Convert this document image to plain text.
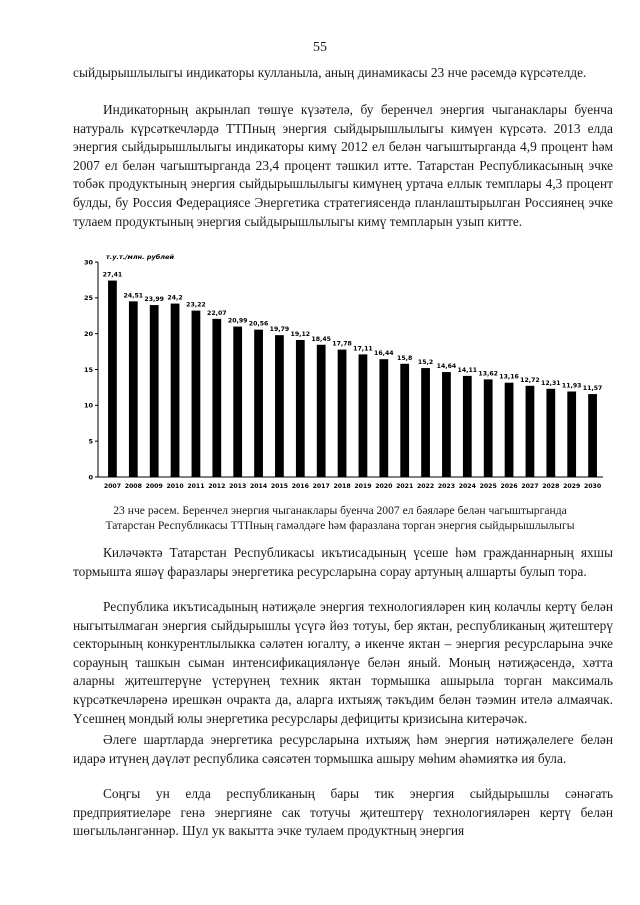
55

сыйдырышлылыгы индикаторы кулланыла, аның динамикасы 23 нче рәсемдә күрсәтелде.

Индикаторның акрынлап төшүе күзәтелә, бу беренчел энергия чыганаклары буенча натураль күрсәткечләрдә ТТПның энергия сыйдырышлылыгы кимүен күрсәтә. 2013 елда энергия сыйдырышлылыгы индикаторы кимү 2012 ел белән чагыштырганда 4,9 процент һәм 2007 ел белән чагыштырганда 23,4 процент тәшкил итте. Татарстан Республикасының эчке тобәк продуктының энергия сыйдырышлылыгы кимүнең уртача еллык темплары 4,3 процент булды, бу Россия Федерациясе Энергетика стратегиясендә планлаштырылган Россиянең эчке тулаем продуктының энергия сыйдырышлылыгы кимү темпларын узып китте.

0
5
10
15
20
25
30
т.у.т./млн. рублей
27,41
2007
24,51
2008
23,99
2009
24,2
2010
23,22
2011
22,07
2012
20,99
2013
20,56
2014
19,79
2015
19,12
2016
18,45
2017
17,78
2018
17,11
2019
16,44
2020
15,8
2021
15,2
2022
14,64
2023
14,11
2024
13,62
2025
13,16
2026
12,72
2027
12,31
2028
11,93
2029
11,57
2030
23 нче рәсем. Беренчел энергия чыганаклары буенча 2007 ел бәяләре белән чагыштырганда
Татарстан Республикасы ТТПның гамәлдәге һәм фаразлана торган энергия сыйдырышлылыгы

Киләчәктә Татарстан Республикасы икътисадының үсеше һәм гражданнарның яхшы тормышта яшәү фаразлары энергетика ресурсларына сорау артуның алшарты булып тора.

Республика икътисадының нәтиҗәле энергия технологияләрен киң колачлы кертү белән ныгытылмаган энергия сыйдырышлы үсүгә йөз тотуы, бер яктан, республиканың җитештерү секторының конкурентлылыкка сәләтен югалту, ә икенче яктан – энергия ресурсларына эчке сорауның ташкын сыман интенсификацияләнүе белән яный. Моның нәтиҗәсендә, хәтта аларны җитештерүне үстерүнең техник яктан тормышка ашырыла торган максималь күрсәткечләренә ирешкән очракта да, аларга ихтыяҗ тәкъдим белән тәэмин ителә алмаячак. Үсешнең мондый юлы энергетика ресурслары дефициты кризисына китерәчәк.

Әлеге шартларда энергетика ресурсларына ихтыяҗ һәм энергия нәтиҗәлелеге белән идарә итүнең дәүләт республика сәясәтен тормышка ашыру мөһим әһәмияткә ия була.

Соңгы ун елда республиканың бары тик энергия сыйдырышлы сәнәгать предприятиеләре генә энергияне сак тотучы җитештерү технологияләрен кертү белән шөгыльләнгәннәр. Шул ук вакытта эчке тулаем продуктның энергия
